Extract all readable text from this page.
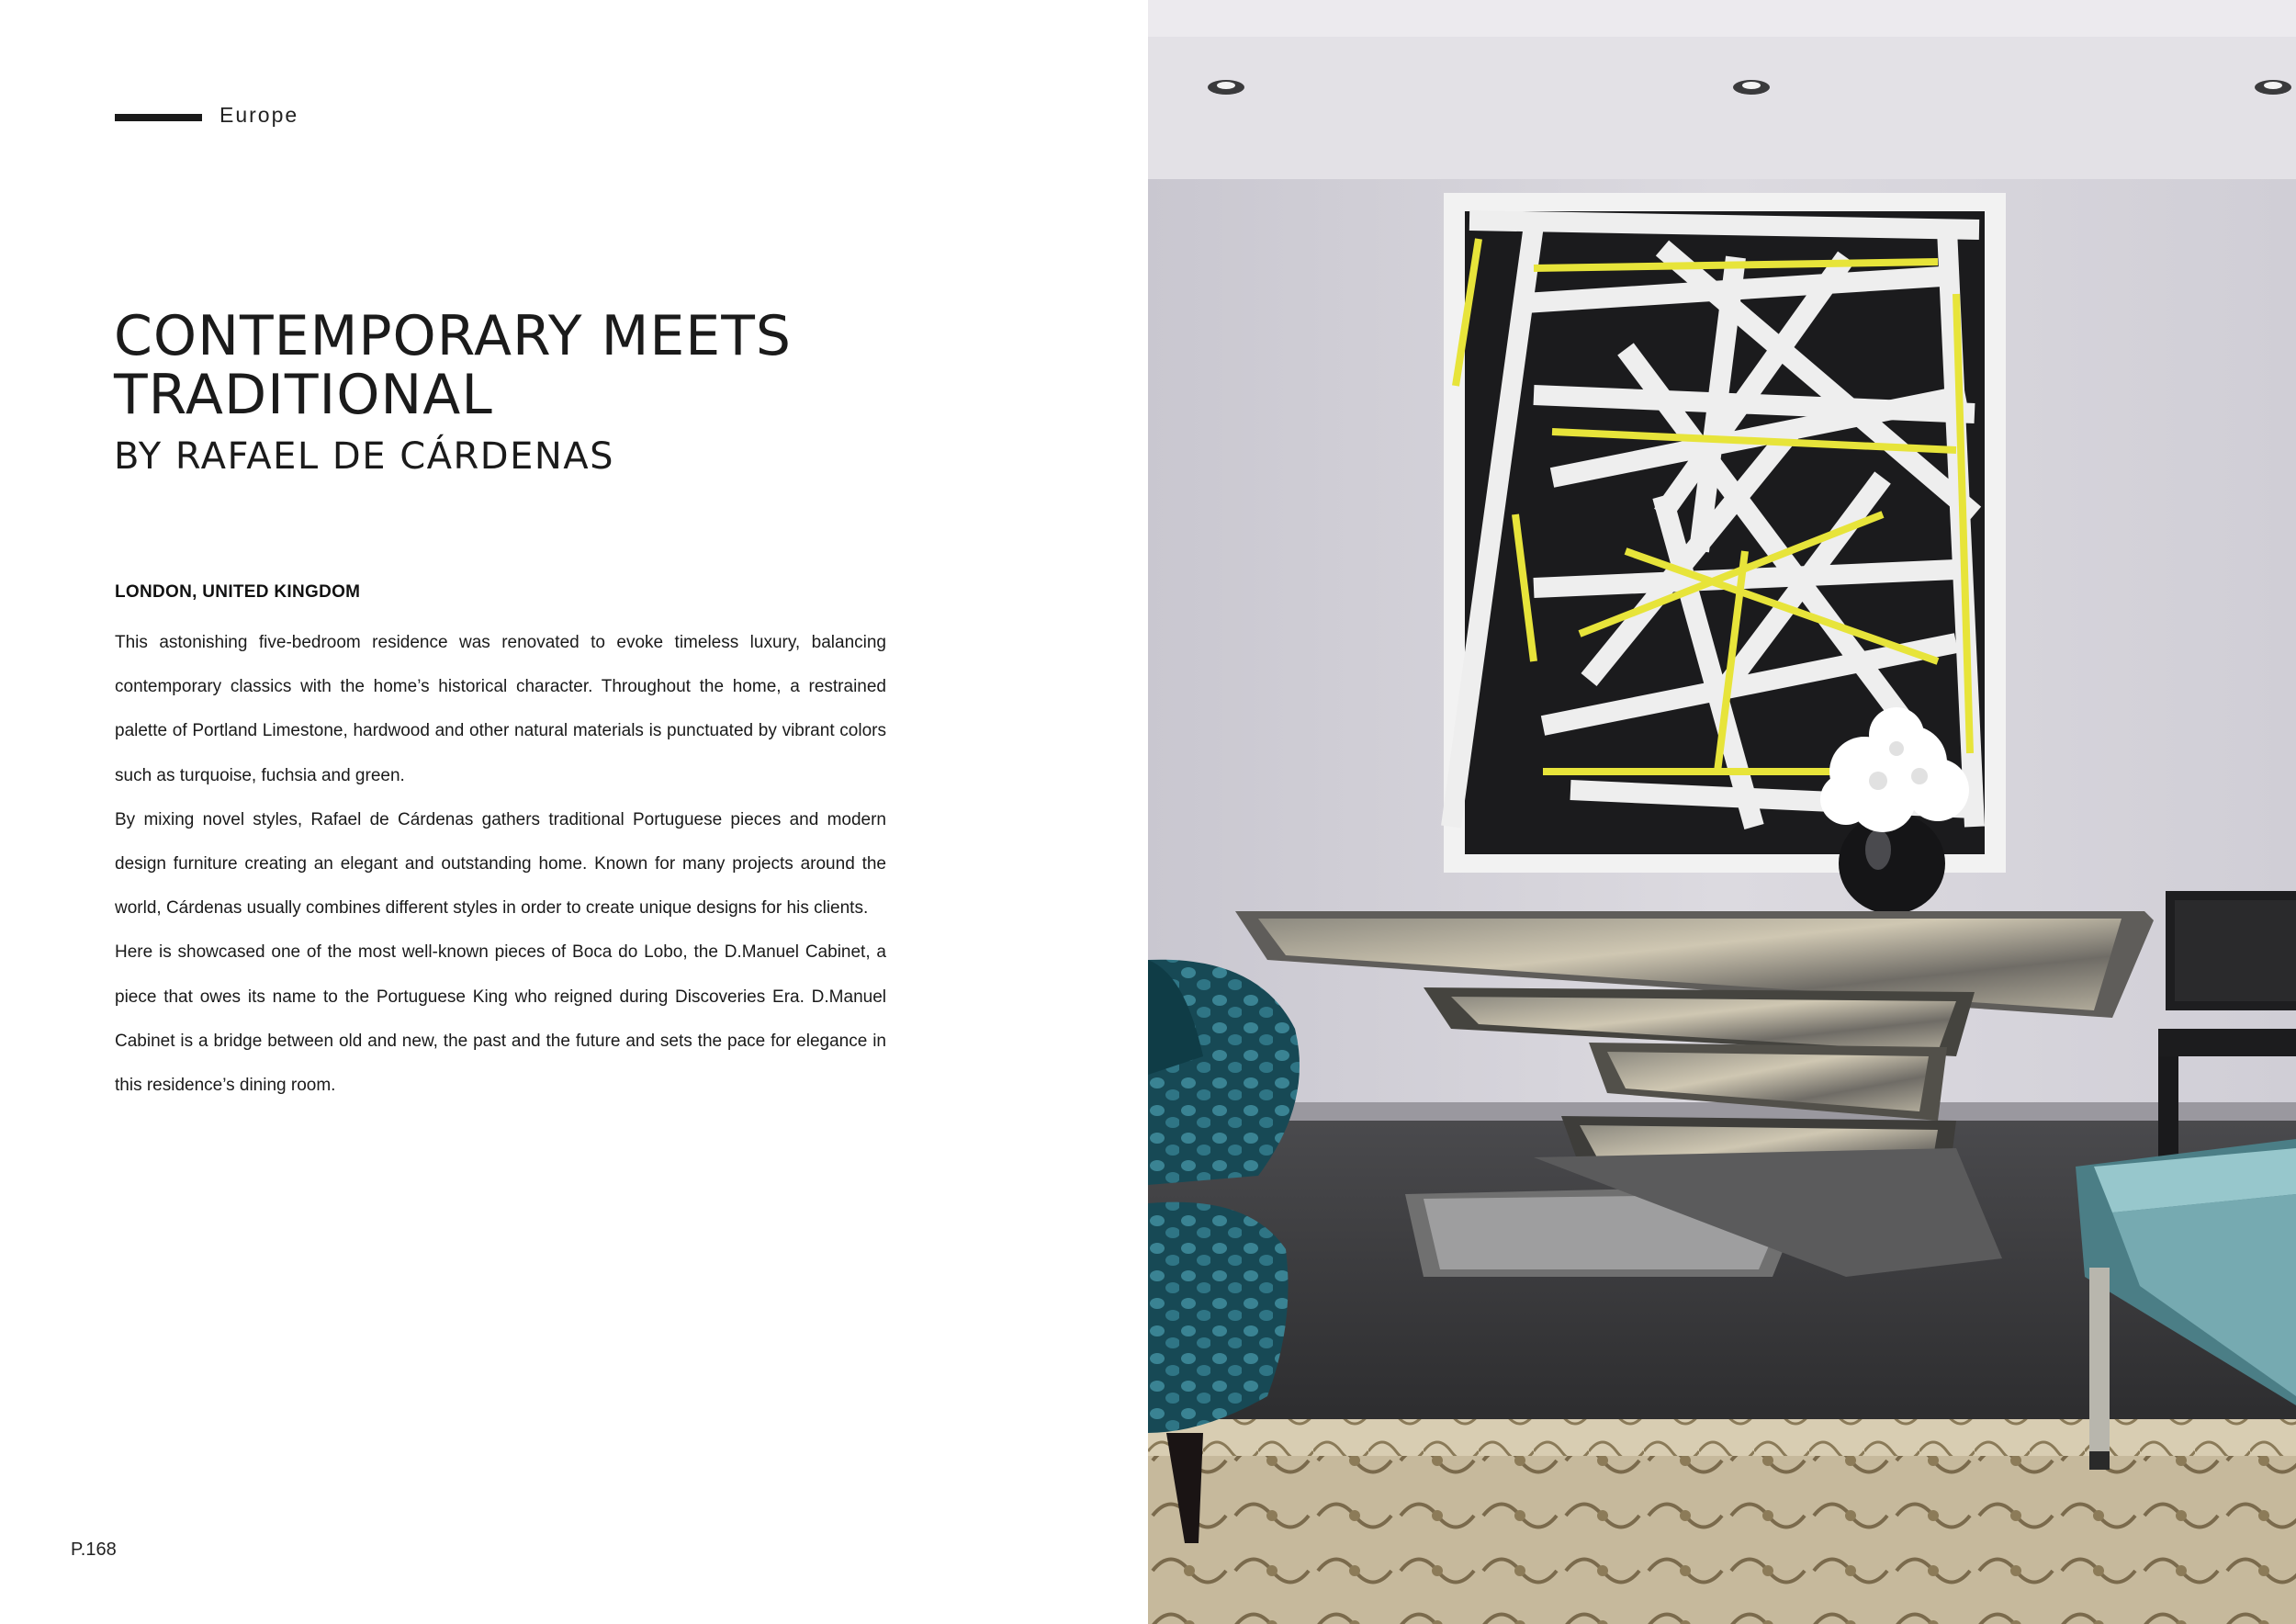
Europe
CONTEMPORARY MEETS
TRADITIONAL
BY RAFAEL DE CÁRDENAS
LONDON, UNITED KINGDOM

This astonishing five-bedroom residence was renovated to evoke timeless luxury, balancing contemporary classics with the home’s historical character. Throughout the home, a restrained palette of Portland Limestone, hardwood and other natural materials is punctuated by vibrant colors such as turquoise, fuchsia and green.

By mixing novel styles, Rafael de Cárdenas gathers traditional Portuguese pieces and modern design furniture creating an elegant and outstanding home. Known for many projects around the world, Cárdenas usually combines different styles in order to create unique designs for his clients.

Here is showcased one of the most well-known pieces of Boca do Lobo, the D.Manuel Cabinet, a piece that owes its name to the Portuguese King who reigned during Discoveries Era. D.Manuel Cabinet is a bridge between old and new, the past and the future and sets the pace for elegance in this residence’s dining room.

P.168
